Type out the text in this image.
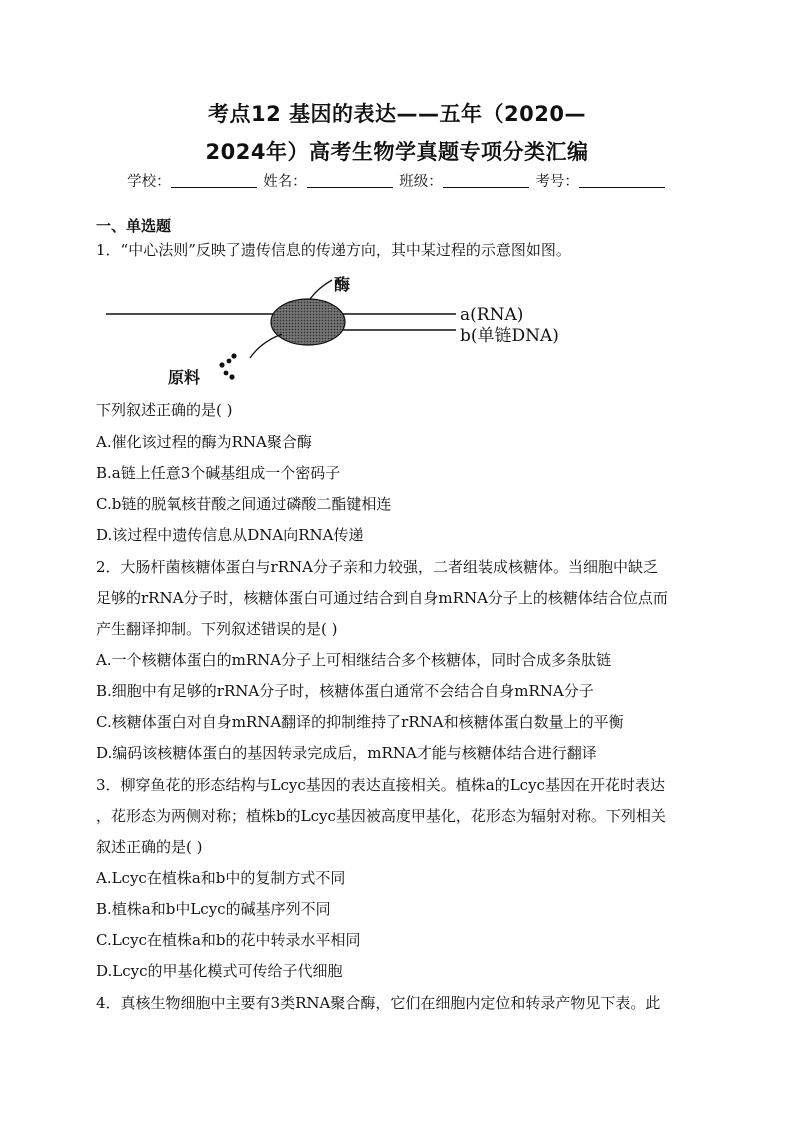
考点12 基因的表达——五年（2020—
2024年）高考生物学真题专项分类汇编
学校：	姓名：	班级：	考号：
一、单选题
1．“中心法则”反映了遗传信息的传递方向，其中某过程的示意图如图。
酶
a(RNA)
b(单链DNA)
原料
下列叙述正确的是( )
A.催化该过程的酶为RNA聚合酶
B.a链上任意3个碱基组成一个密码子
C.b链的脱氧核苷酸之间通过磷酸二酯键相连
D.该过程中遗传信息从DNA向RNA传递
2．大肠杆菌核糖体蛋白与rRNA分子亲和力较强，二者组装成核糖体。当细胞中缺乏
足够的rRNA分子时，核糖体蛋白可通过结合到自身mRNA分子上的核糖体结合位点而
产生翻译抑制。下列叙述错误的是( )
A.一个核糖体蛋白的mRNA分子上可相继结合多个核糖体，同时合成多条肽链
B.细胞中有足够的rRNA分子时，核糖体蛋白通常不会结合自身mRNA分子
C.核糖体蛋白对自身mRNA翻译的抑制维持了rRNA和核糖体蛋白数量上的平衡
D.编码该核糖体蛋白的基因转录完成后，mRNA才能与核糖体结合进行翻译
3．柳穿鱼花的形态结构与Lcyc基因的表达直接相关。植株a的Lcyc基因在开花时表达
，花形态为两侧对称；植株b的Lcyc基因被高度甲基化，花形态为辐射对称。下列相关
叙述正确的是( )
A.Lcyc在植株a和b中的复制方式不同
B.植株a和b中Lcyc的碱基序列不同
C.Lcyc在植株a和b的花中转录水平相同
D.Lcyc的甲基化模式可传给子代细胞
4．真核生物细胞中主要有3类RNA聚合酶，它们在细胞内定位和转录产物见下表。此
